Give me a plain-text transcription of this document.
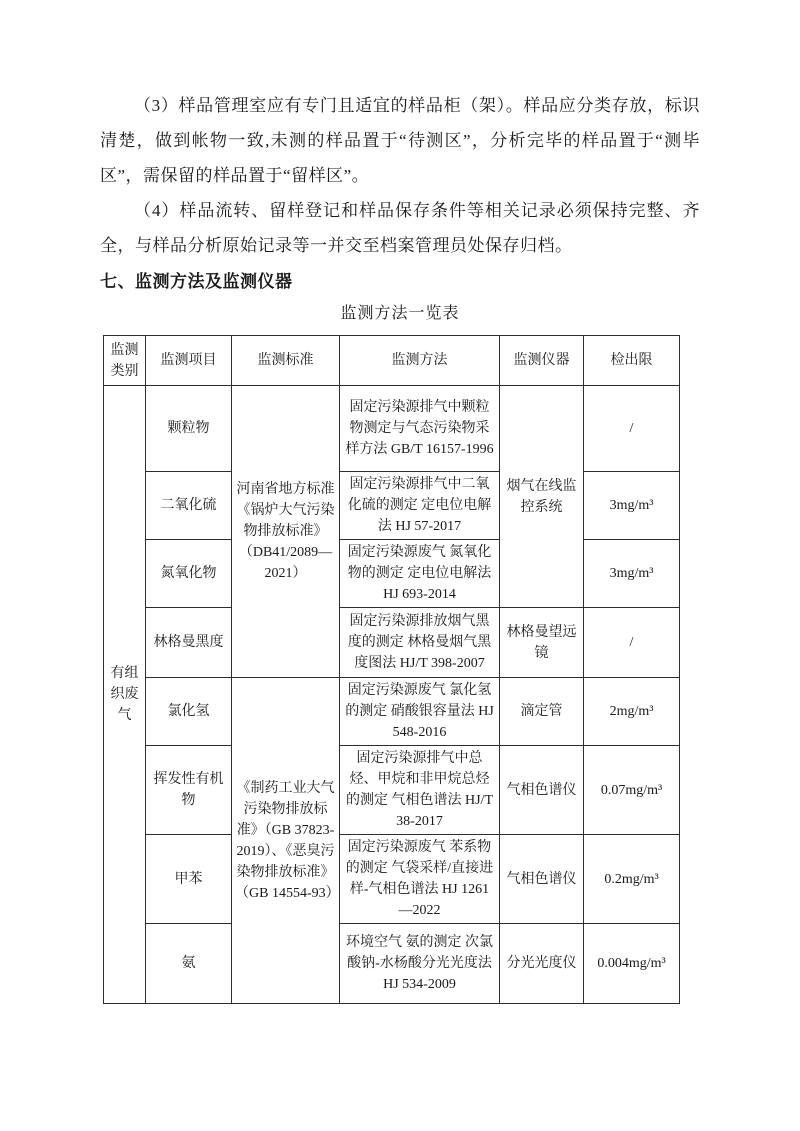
（3）样品管理室应有专门且适宜的样品柜（架）。样品应分类存放，标识清楚，做到帐物一致,未测的样品置于“待测区”，分析完毕的样品置于“测毕区”，需保留的样品置于“留样区”。

（4）样品流转、留样登记和样品保存条件等相关记录必须保持完整、齐全，与样品分析原始记录等一并交至档案管理员处保存归档。

七、监测方法及监测仪器
监测方法一览表
监测类别	监测项目	监测标准	监测方法	监测仪器	检出限
有组织废气	颗粒物	河南省地方标准《锅炉大气污染物排放标准》（DB41/2089—2021）	固定污染源排气中颗粒物测定与气态污染物采样方法 GB/T 16157-1996	烟气在线监控系统	/
	二氧化硫		固定污染源排气中二氧化硫的测定 定电位电解法 HJ 57-2017		3mg/m³
	氮氧化物		固定污染源废气 氮氧化物的测定 定电位电解法 HJ 693-2014		3mg/m³
	林格曼黑度		固定污染源排放烟气黑度的测定 林格曼烟气黑度图法 HJ/T 398-2007	林格曼望远镜	/
	氯化氢	《制药工业大气污染物排放标准》（GB 37823-2019）、《恶臭污染物排放标准》（GB 14554-93）	固定污染源废气 氯化氢的测定 硝酸银容量法 HJ 548-2016	滴定管	2mg/m³
	挥发性有机物		固定污染源排气中总烃、甲烷和非甲烷总烃的测定 气相色谱法 HJ/T 38-2017	气相色谱仪	0.07mg/m³
	甲苯		固定污染源废气 苯系物的测定 气袋采样/直接进样-气相色谱法 HJ 1261—2022	气相色谱仪	0.2mg/m³
	氨		环境空气 氨的测定 次氯酸钠-水杨酸分光光度法 HJ 534-2009	分光光度仪	0.004mg/m³
